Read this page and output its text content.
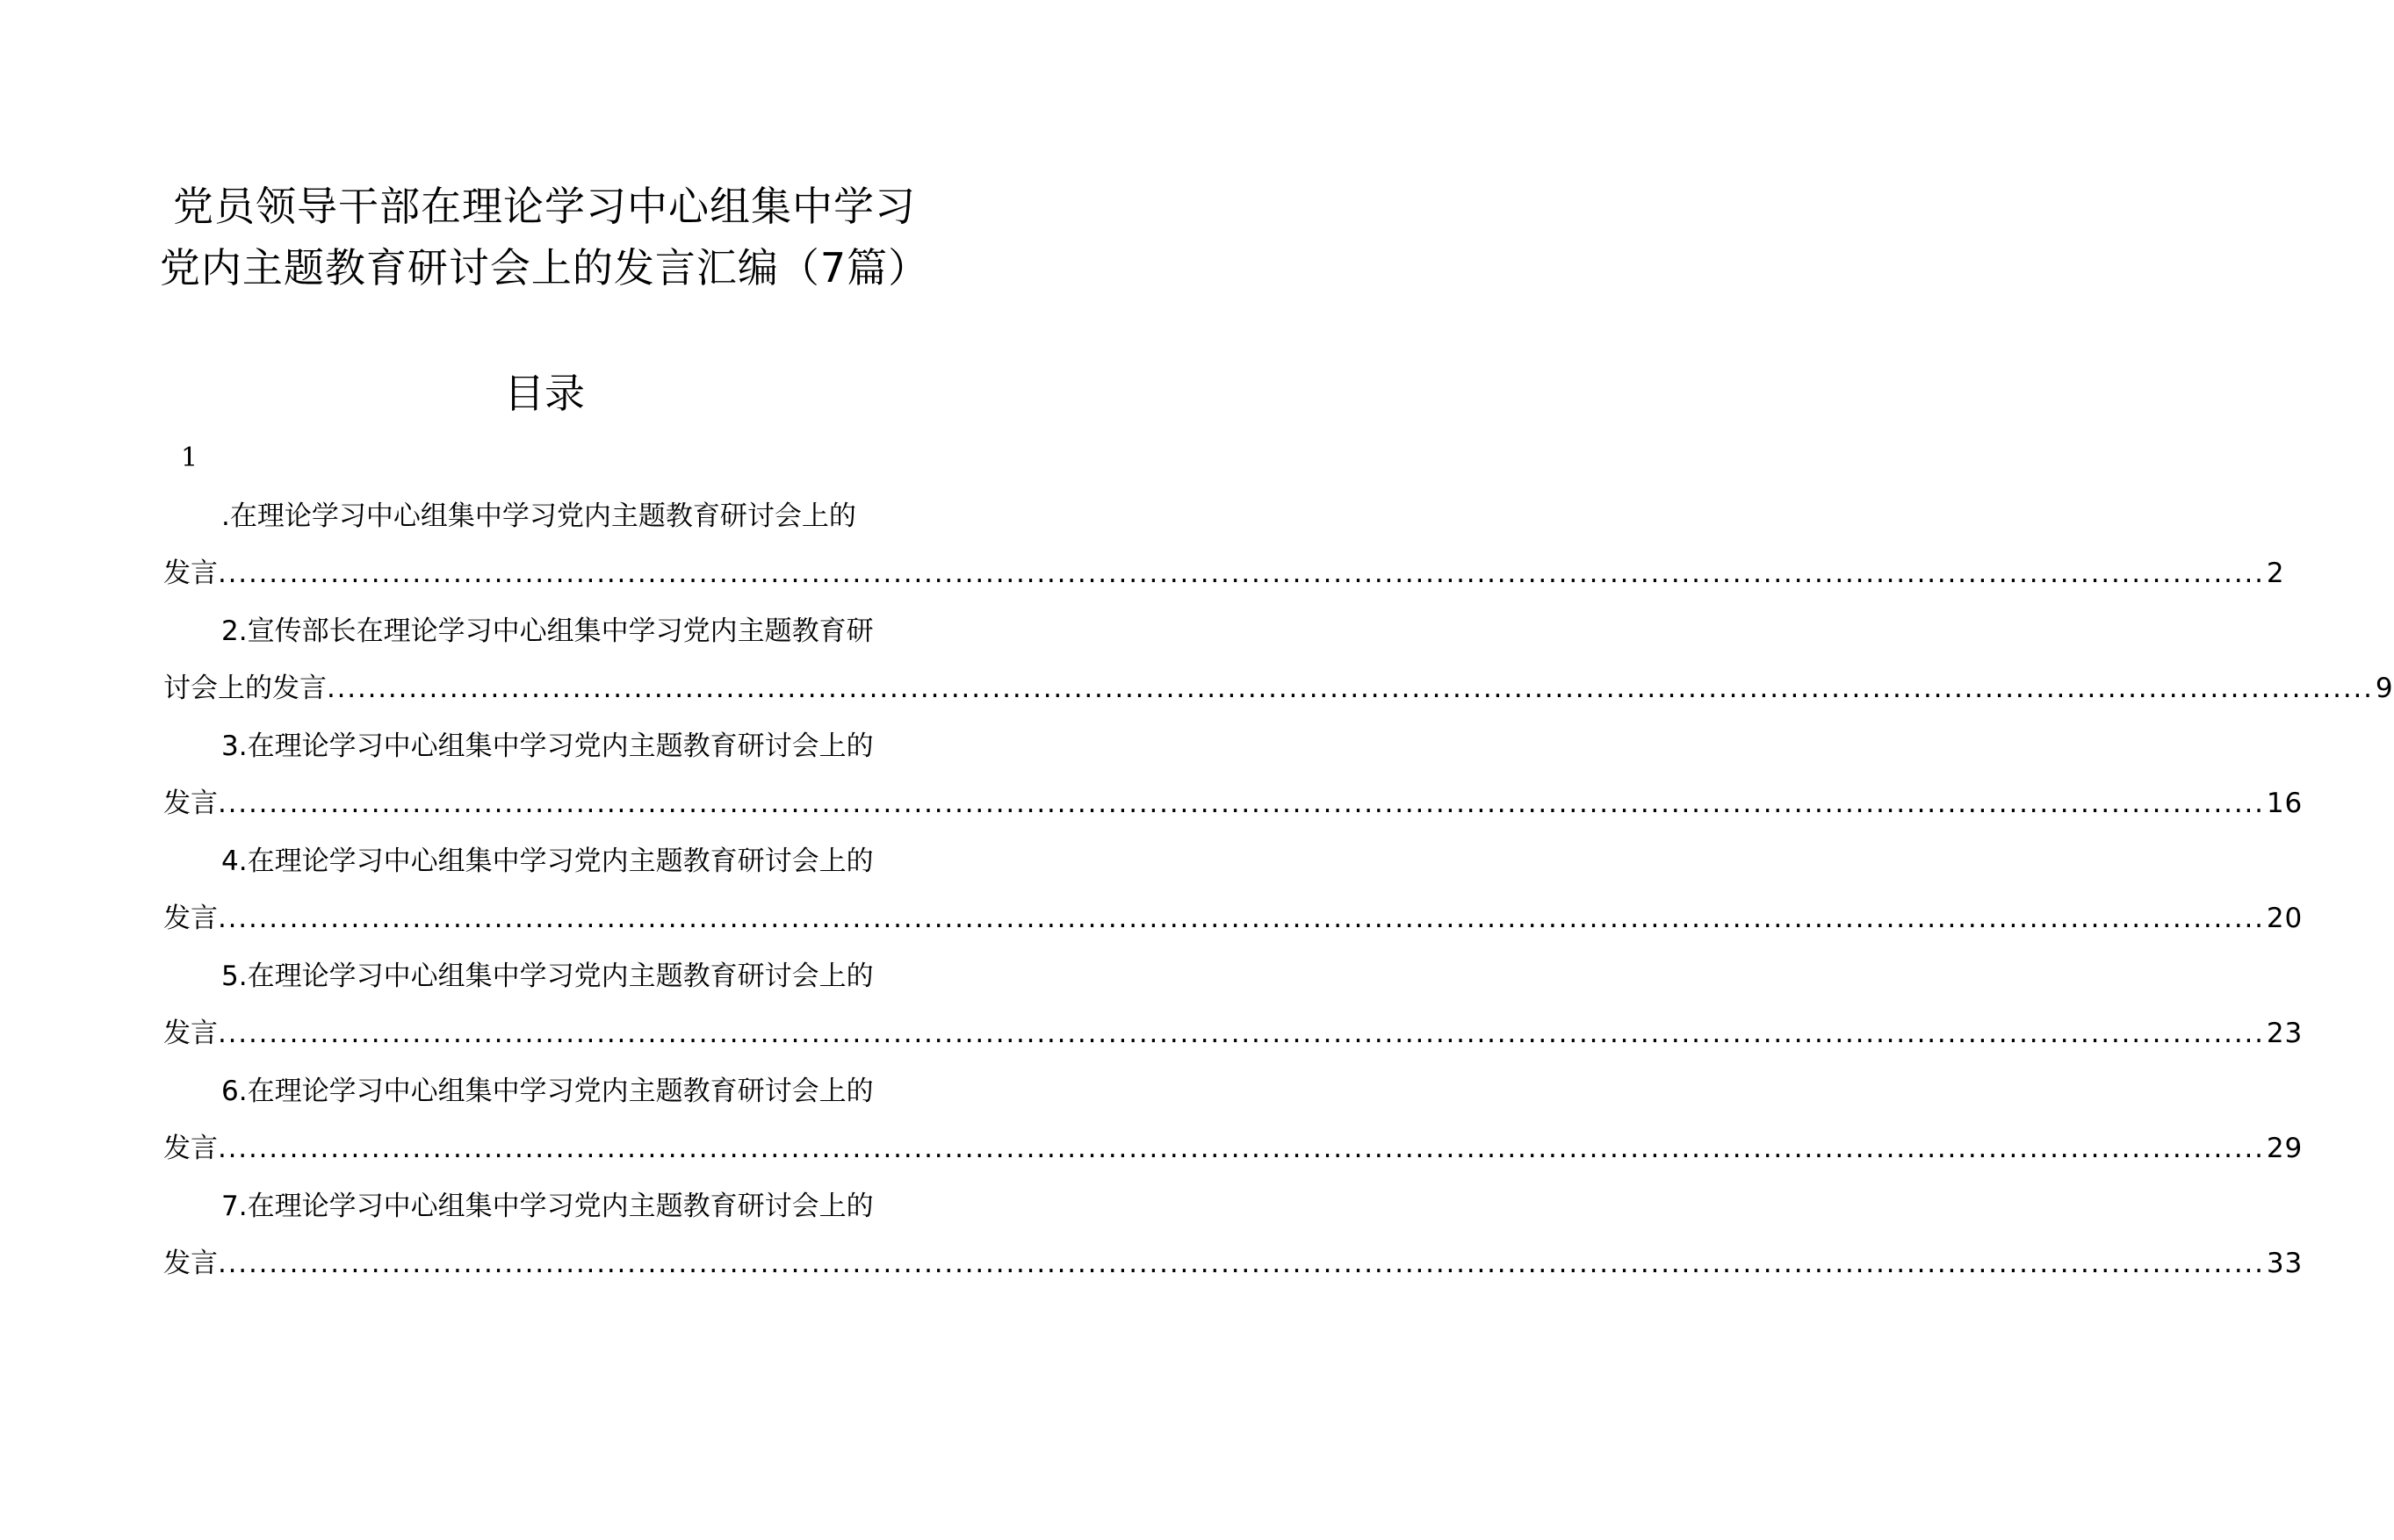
党员领导干部在理论学习中心组集中学习
党内主题教育研讨会上的发言汇编（7篇）
目录
1
.在理论学习中心组集中学习党内主题教育研讨会上的
发言 ........................................................................................................................................................................................................ 2
2.宣传部长在理论学习中心组集中学习党内主题教育研
讨会上的发言 ........................................................................................................................................................................................................ 9
3.在理论学习中心组集中学习党内主题教育研讨会上的
发言 ........................................................................................................................................................................................................ 16
4.在理论学习中心组集中学习党内主题教育研讨会上的
发言 ........................................................................................................................................................................................................ 20
5.在理论学习中心组集中学习党内主题教育研讨会上的
发言 ........................................................................................................................................................................................................ 23
6.在理论学习中心组集中学习党内主题教育研讨会上的
发言 ........................................................................................................................................................................................................ 29
7.在理论学习中心组集中学习党内主题教育研讨会上的
发言 ........................................................................................................................................................................................................ 33
